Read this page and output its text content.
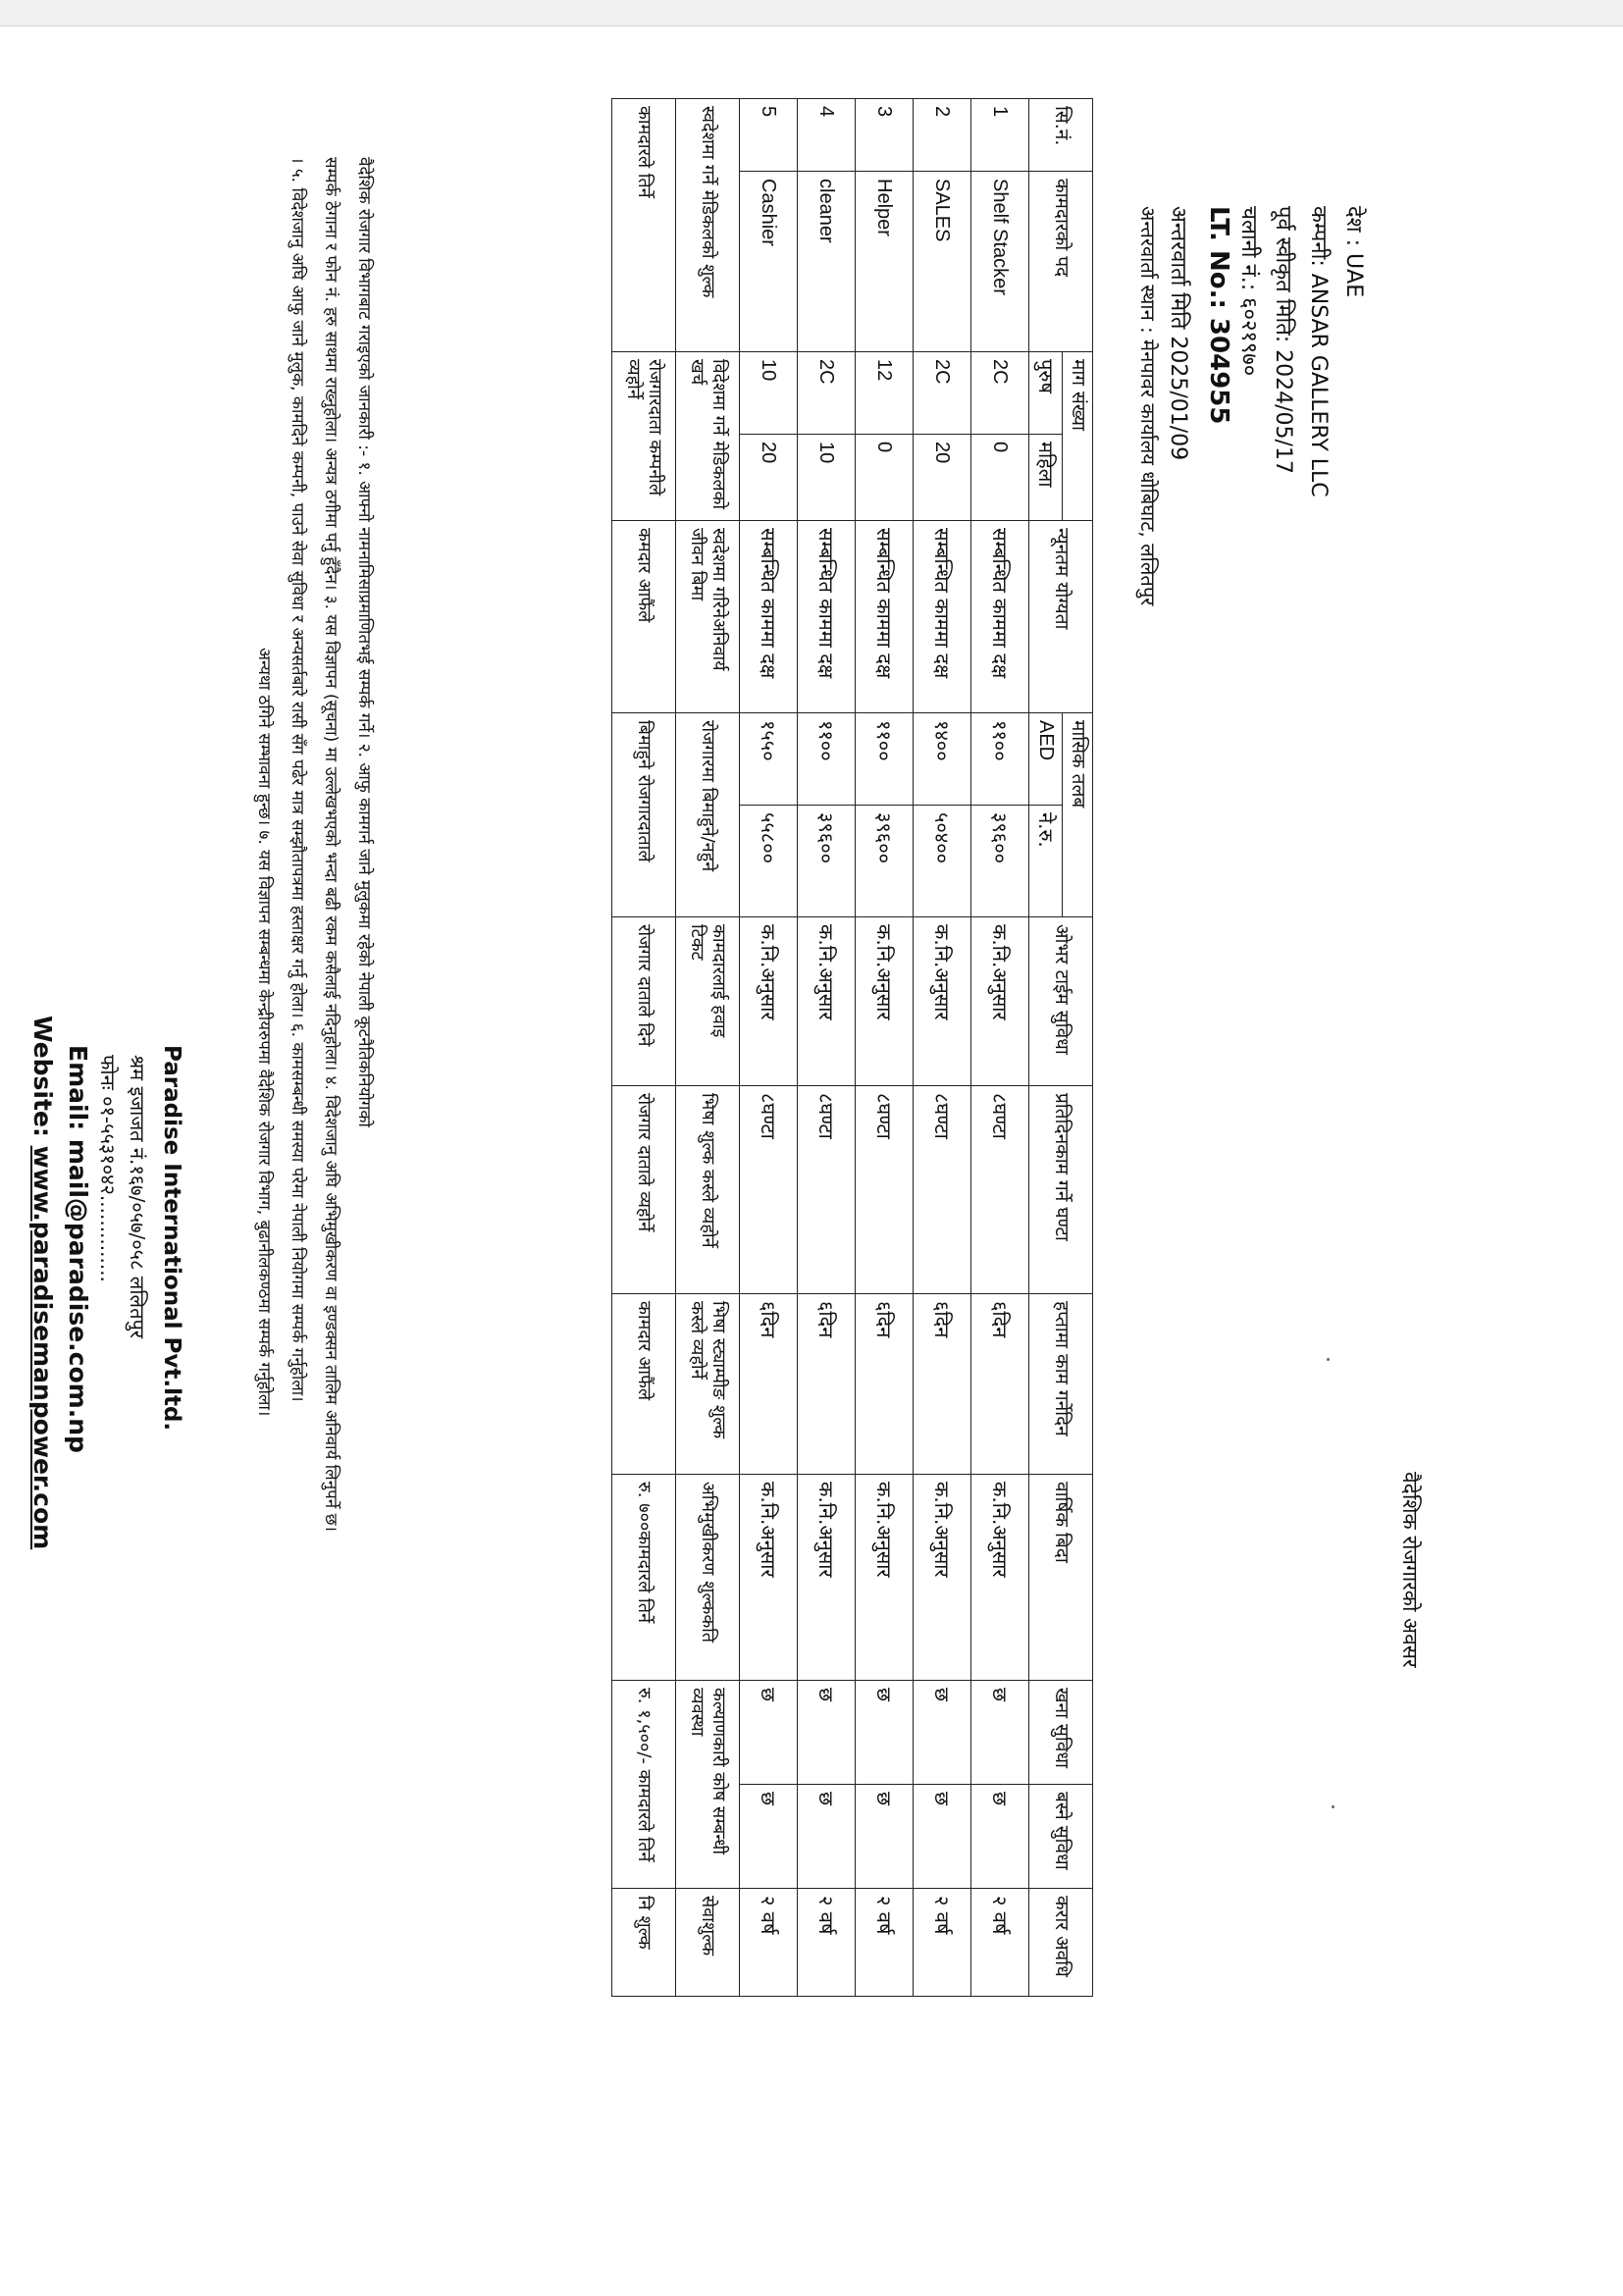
वैदेशिक रोजगारको अवसर
देश : UAE
कम्पनी: ANSAR GALLERY LLC
पूर्व स्वीकृत मिति: 2024/05/17
चलानी नं.: ६०२१९७०
LT. No.: 304955
अन्तरवार्ता मिति 2025/01/09
अन्तरवार्ता स्थान : मेनपावर कार्यालय धोबिघाट, ललितपुर
सि.नं.	कामदारको पद	माग संख्या		न्यूनतम योग्यता	मासिक तलब		ओभर टाईम सुविधा	प्रतिदिनकाम गर्ने घण्टा	हप्तामा काम गर्नेदिन	वार्षिक बिदा	खना सुविधा	बस्ने सुविधा	करार अवधि
		पुरुष	महिला		AED	ने.रु.							
1	Shelf Stacker	2C	0	सम्बन्धित काममा दक्ष	११००	३९६००	क.नि.अनुसार	८घण्टा	६दिन	क.नि.अनुसार	छ	छ	२ वर्ष
2	SALES	2C	20	सम्बन्धित काममा दक्ष	१४००	५०४००	क.नि.अनुसार	८घण्टा	६दिन	क.नि.अनुसार	छ	छ	२ वर्ष
3	Helper	12	0	सम्बन्धित काममा दक्ष	११००	३९६००	क.नि.अनुसार	८घण्टा	६दिन	क.नि.अनुसार	छ	छ	२ वर्ष
4	cleaner	2C	10	सम्बन्धित काममा दक्ष	११००	३९६००	क.नि.अनुसार	८घण्टा	६दिन	क.नि.अनुसार	छ	छ	२ वर्ष
5	Cashier	10	20	सम्बन्धित काममा दक्ष	१५५०	५५८००	क.नि.अनुसार	८घण्टा	६दिन	क.नि.अनुसार	छ	छ	२ वर्ष
स्वदेशमा गर्ने मेडिकलको शुल्क		विदेशमा गर्ने मेडिकलको खर्च		स्वदेशमा गरिनेअनिवार्य जीवन बिमा	रोजगारमा बिमाहुने/नहुने		कामदारलाई हवाइ टिकट	भिषा शुल्क कस्ले व्यहोर्ने	भिषा स्ट्याम्पीङ शुल्क कस्ले व्यहोर्ने	अभिमुखीकरण शुल्ककति	कल्याणकारी कोष सम्बन्धी व्यवस्था		सेवाशुल्क
कामदारले तिर्ने		रोजगारदाता कम्पनीले व्यहोर्ने		कमदार आफैंले	बिमाहुने रोजगारदाताले		रोजगार दाताले दिने	रोजगार दाताले व्यहोर्ने	कामदार आफैंले	रु. ७००कामदारले तिर्ने	रु. १,५००/- कामदारले तिर्ने		नि शुल्क

वैदेशिक रोजगार विभागबाट गराइएको जानकारी :- १. आफ्नो नामनामिसाप्रमाणितभई सम्पर्क गर्ने। २. आफु कामगर्न जाने मुलुकमा रहेको नेपाली कूटनैतिकनियोगको

सम्पर्क ठेगाना र फोन नं. हरु साथमा राख्नुहोला। अन्यत्र ठगीमा पर्नु हुँदैन। ३. यस विज्ञापन (सूचना) मा उल्लेखभएको भन्दा बढी रकम कसैलाई नदिनुहोला। ४. विदेशजानु अघि अभिमुखीकरण वा इण्डक्सन तालिम अनिवार्य लिनुपर्ने छ।

। ५. विदेशजानु अघि आफु जाने मुलुक, कामदिने कम्पनी, पाउने सेवा सुविधा र अन्यसर्तबारे रासी सँग पढेर मात्र सम्झौतापत्रमा हस्ताक्षर गर्नु होला। ६. कामसम्बन्धी समस्या परेमा नेपाली नियोगमा सम्पर्क गर्नुहोला।

अन्यथा ठगिने सम्भावना हुन्छ। ७. यस विज्ञापन सम्बन्धमा केन्द्रीयरुपमा वैदेशिक रोजगार विभाग, बुढानीलकण्ठमा सम्पर्क गर्नुहोला।

Paradise International Pvt.ltd.
श्रम इजाजत नं.१६७/०५७/०५८ ललितपुर
फोनः ०१-५५३१०४२..............
Email: mail@paradise.com.np
Website: www.paradisemanpower.com
